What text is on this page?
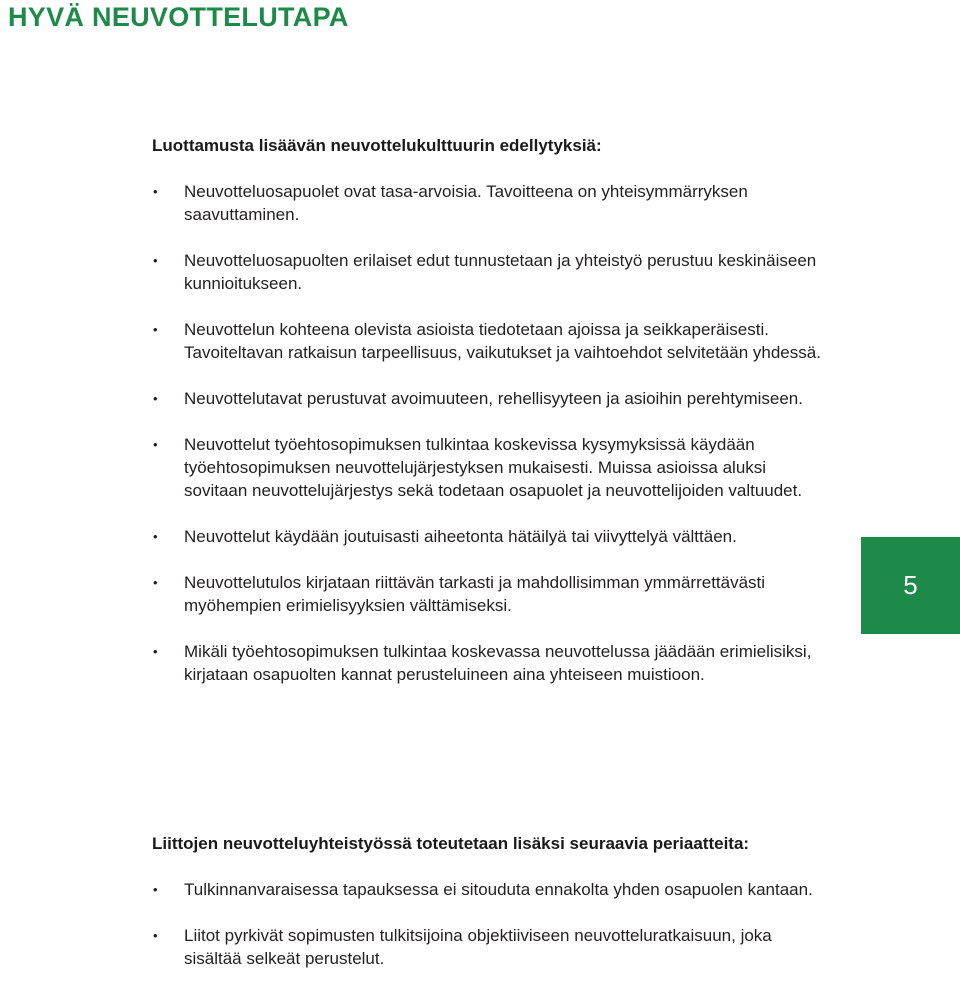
HYVÄ NEUVOTTELUTAPA
Luottamusta lisäävän neuvottelukulttuurin edellytyksiä:
• Neuvotteluosapuolet ovat tasa-arvoisia. Tavoitteena on yhteisymmärryksen saavuttaminen.
• Neuvotteluosapuolten erilaiset edut tunnustetaan ja yhteistyö perustuu keskinäiseen kunnioitukseen.
• Neuvottelun kohteena olevista asioista tiedotetaan ajoissa ja seikkaperäisesti. Tavoiteltavan ratkaisun tarpeellisuus, vaikutukset ja vaihtoehdot selvitetään yhdessä.
• Neuvottelutavat perustuvat avoimuuteen, rehellisyyteen ja asioihin perehtymiseen.
• Neuvottelut työehtosopimuksen tulkintaa koskevissa kysymyksissä käydään työehtosopimuksen neuvottelujärjestyksen mukaisesti. Muissa asioissa aluksi sovitaan neuvottelujärjestys sekä todetaan osapuolet ja neuvottelijoiden valtuudet.
• Neuvottelut käydään joutuisasti aiheetonta hätäilyä tai viivyttelyä välttäen.
• Neuvottelutulos kirjataan riittävän tarkasti ja mahdollisimman ymmärrettävästi myöhempien erimielisyyksien välttämiseksi.
• Mikäli työehtosopimuksen tulkintaa koskevassa neuvottelussa jäädään erimielisiksi, kirjataan osapuolten kannat perusteluineen aina yhteiseen muistioon.
Liittojen neuvotteluyhteistyössä toteutetaan lisäksi seuraavia periaatteita:
• Tulkinnanvaraisessa tapauksessa ei sitouduta ennakolta yhden osapuolen kantaan.
• Liitot pyrkivät sopimusten tulkitsijoina objektiiviseen neuvotteluratkaisuun, joka sisältää selkeät perustelut.
5
